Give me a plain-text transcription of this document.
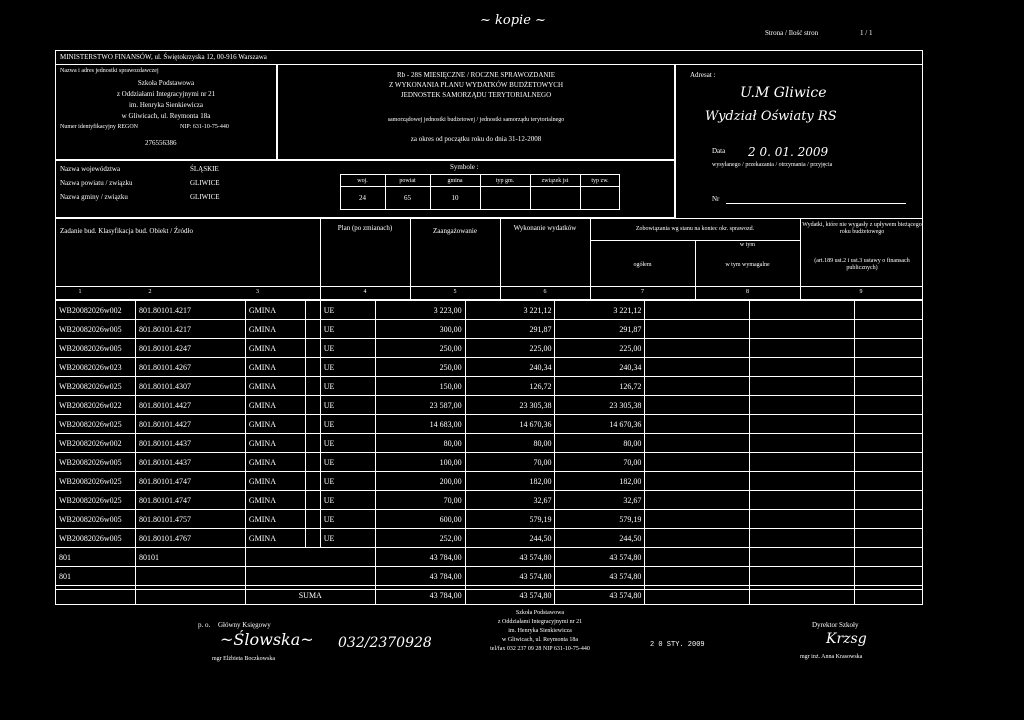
~ kopie ~
Strona / Ilość stron	1 / 1
MINISTERSTWO FINANSÓW, ul. Świętokrzyska 12, 00-916 Warszawa
Nazwa i adres jednostki sprawozdawczej
Szkoła Podstawowa
z Oddziałami Integracyjnymi nr 21
im. Henryka Sienkiewicza
w Gliwicach, ul. Reymonta 18a
Numer identyfikacyjny REGON	NIP: 631-10-75-440
276556386
Rb - 28S MIESIĘCZNE / ROCZNE SPRAWOZDANIE
Z WYKONANIA PLANU WYDATKÓW BUDŻETOWYCH
JEDNOSTEK SAMORZĄDU TERYTORIALNEGO
samorządowej jednostki budżetowej / jednostki samorządu terytorialnego
za okres od początku roku do dnia 31-12-2008
Adresat :
U.M Gliwice
Wydział Oświaty RS
Data 2 0. 01. 2009
wysyłanego / przekazania / otrzymania / przyjęcia
Nr
Nazwa województwa	ŚLĄSKIE
Nazwa powiatu / związku	GLIWICE
Nazwa gminy / związku	GLIWICE
Symbole :
woj.	powiat	gmina	typ gm.	związek jst	typ zw.
24	65	10
Zadanie bud. Klasyfikacja bud. Obiekt / Źródło	Plan (po zmianach)	Zaangażowanie	Wykonanie wydatków	Zobowiązania wg stanu na koniec okr. sprawozd.
w tym
ogółem	w tym wymagalne
Wydatki, które nie wygasły z upływem bieżącego roku budżetowego
(art.189 ust.2 i ust.3 ustawy o finansach publicznych)
1	2	3	4	5	6	7	8	9
WB20082026w002	801.80101.4217	GMINA		UE	3 223,00	3 221,12	3 221,12			
WB20082026w005	801.80101.4217	GMINA		UE	300,00	291,87	291,87			
WB20082026w005	801.80101.4247	GMINA		UE	250,00	225,00	225,00			
WB20082026w023	801.80101.4267	GMINA		UE	250,00	240,34	240,34			
WB20082026w025	801.80101.4307	GMINA		UE	150,00	126,72	126,72			
WB20082026w022	801.80101.4427	GMINA		UE	23 587,00	23 305,38	23 305,38			
WB20082026w025	801.80101.4427	GMINA		UE	14 683,00	14 670,36	14 670,36			
WB20082026w002	801.80101.4437	GMINA		UE	80,00	80,00	80,00			
WB20082026w005	801.80101.4437	GMINA		UE	100,00	70,00	70,00			
WB20082026w025	801.80101.4747	GMINA		UE	200,00	182,00	182,00			
WB20082026w025	801.80101.4747	GMINA		UE	70,00	32,67	32,67			
WB20082026w005	801.80101.4757	GMINA		UE	600,00	579,19	579,19			
WB20082026w005	801.80101.4767	GMINA		UE	252,00	244,50	244,50			
801	80101				43 784,00	43 574,80	43 574,80			
801					43 784,00	43 574,80	43 574,80			
		SUMA			43 784,00	43 574,80	43 574,80			
p. o. Główny Księgowy
~Ślowska~
mgr Elżbieta Boczkowska
032/2370928
Szkoła Podstawowa
z Oddziałami Integracyjnymi nr 21
im. Henryka Sienkiewicza
w Gliwicach, ul. Reymonta 18a
tel/fax 032 237 09 28 NIP 631-10-75-440	2 0 STY. 2009
Dyrektor Szkoły
Krzsg
mgr inż. Anna Krasowska
